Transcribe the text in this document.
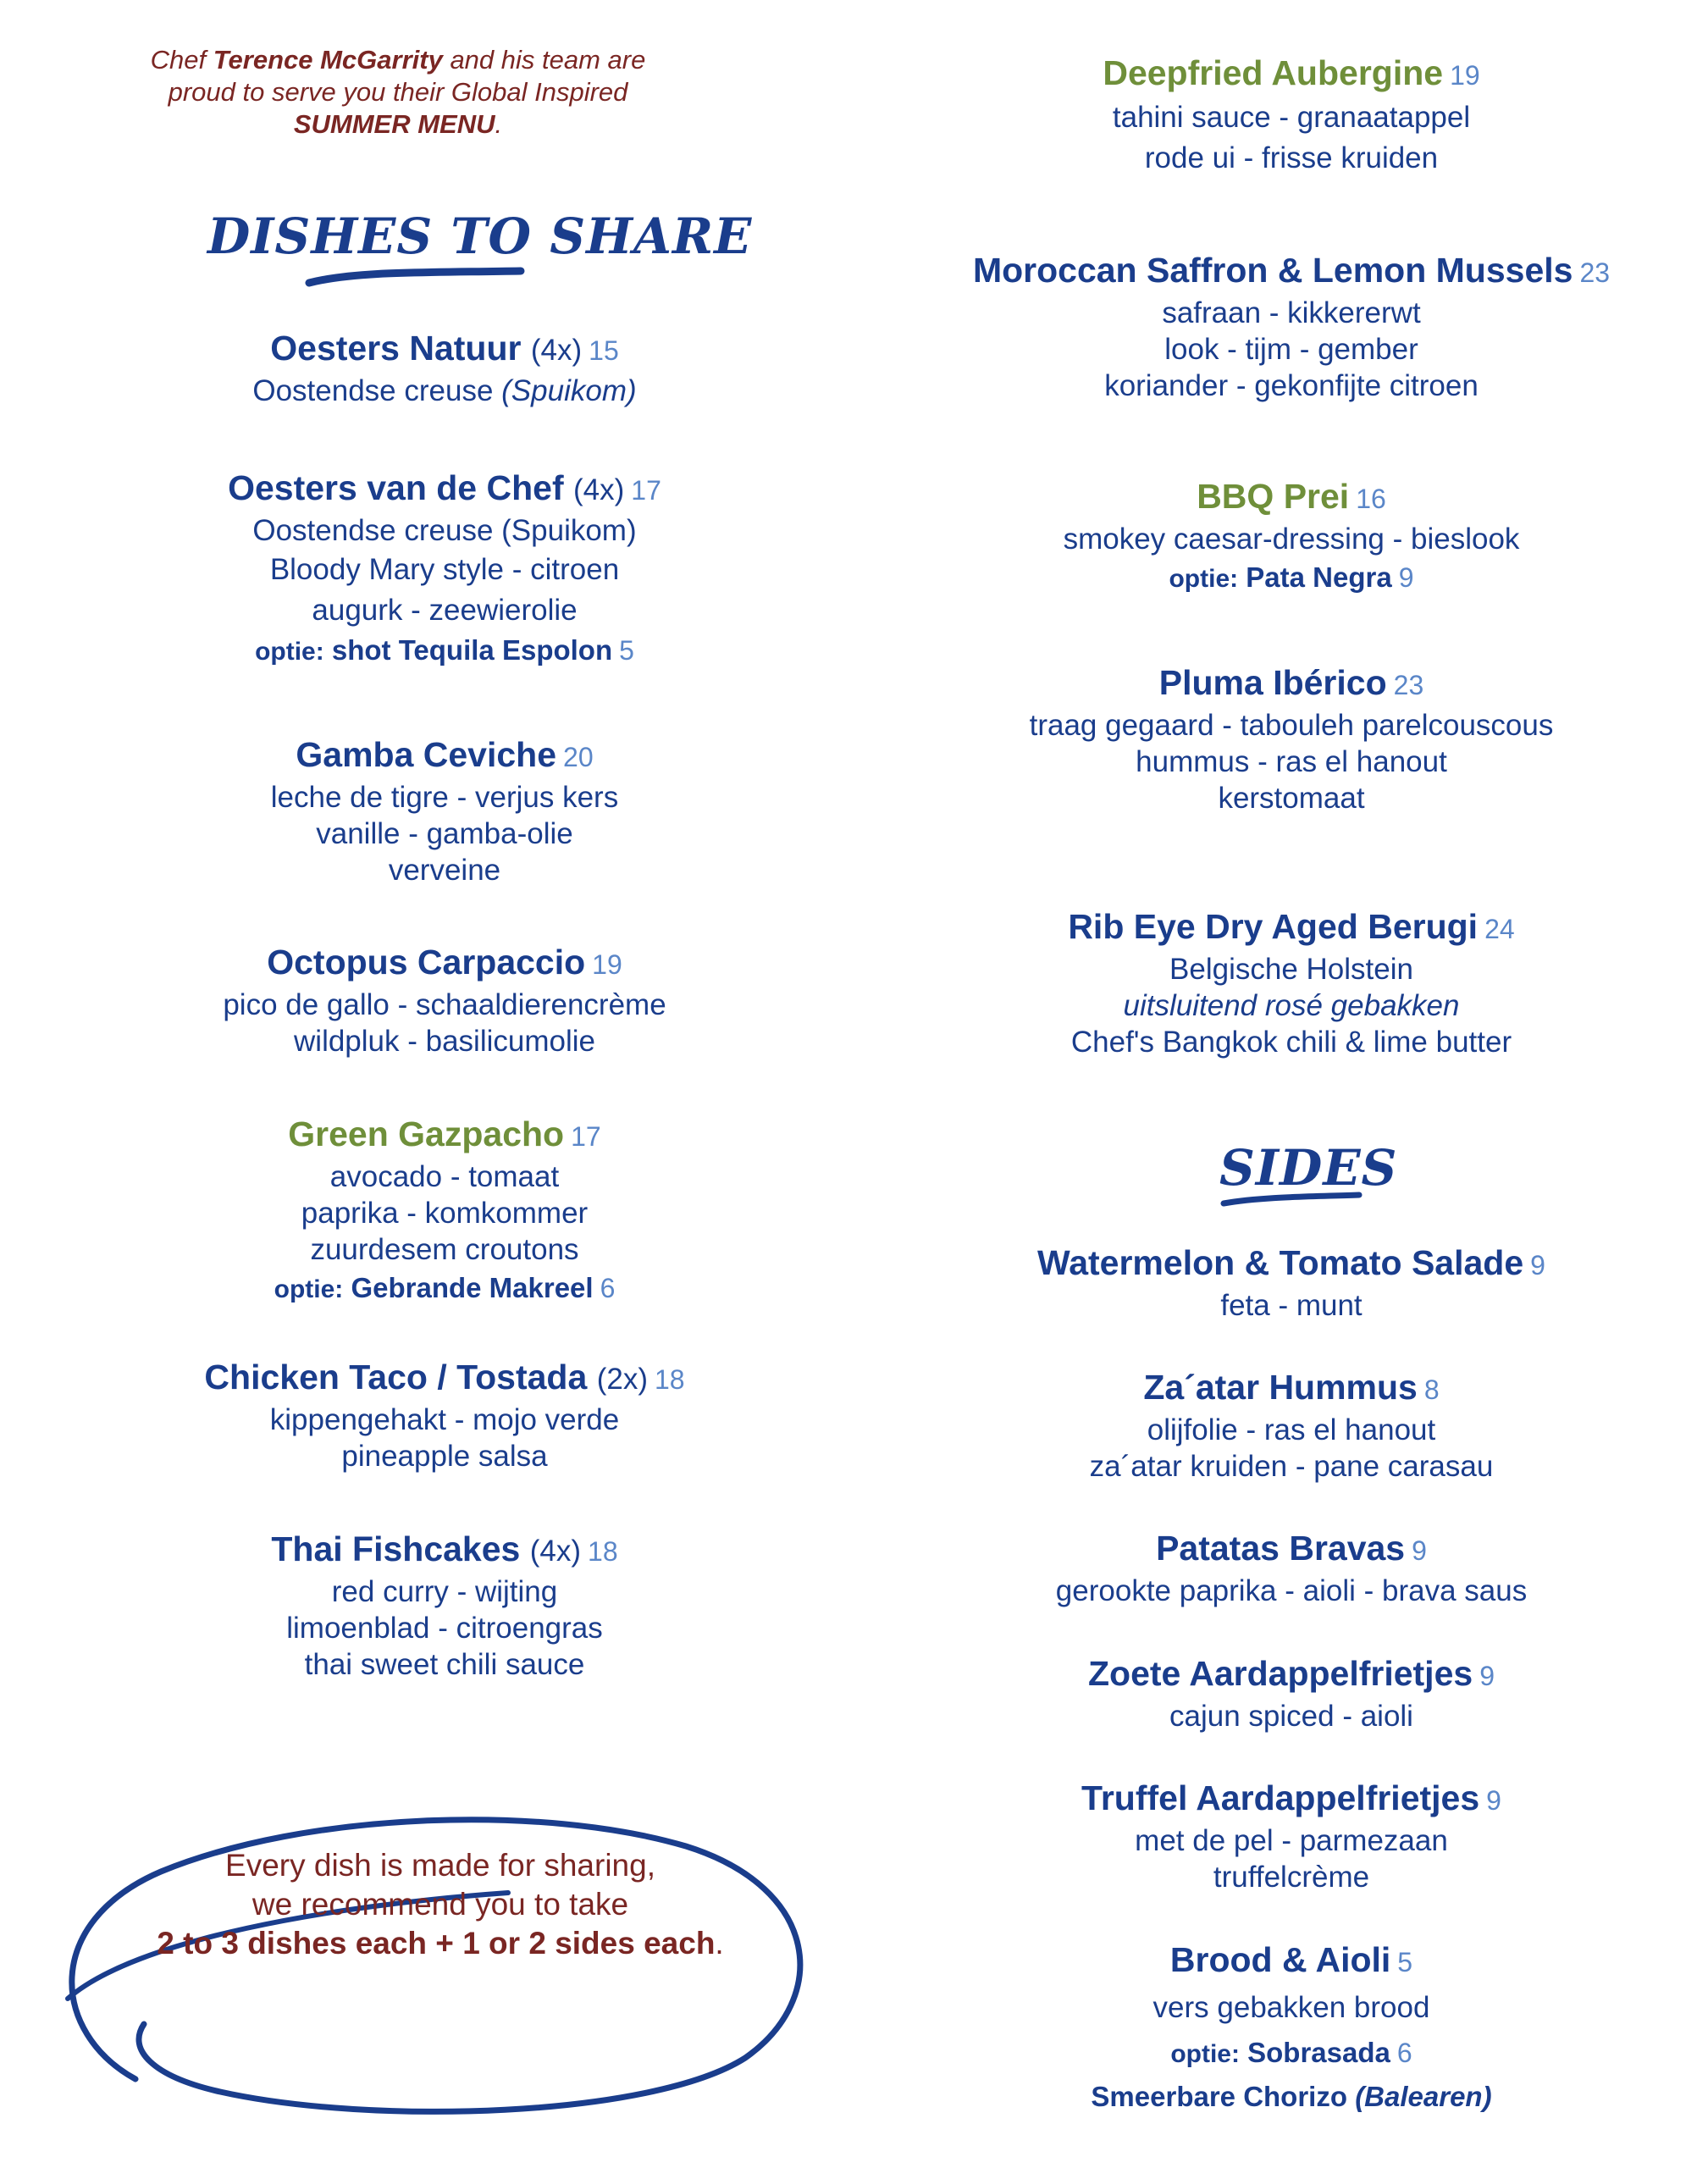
Chef Terence McGarrity and his team are
proud to serve you their Global Inspired
SUMMER MENU.
DISHES TO SHARE
Oesters Natuur (4x) 15
Oostendse creuse (Spuikom)
Oesters van de Chef (4x) 17
Oostendse creuse (Spuikom)
Bloody Mary style - citroen
augurk - zeewierolie
optie: shot Tequila Espolon 5
Gamba Ceviche 20
leche de tigre - verjus kers
vanille - gamba-olie
verveine
Octopus Carpaccio 19
pico de gallo - schaaldierencrème
wildpluk - basilicumolie
Green Gazpacho 17
avocado - tomaat
paprika - komkommer
zuurdesem croutons
optie: Gebrande Makreel 6
Chicken Taco / Tostada (2x) 18
kippengehakt - mojo verde
pineapple salsa
Thai Fishcakes (4x) 18
red curry - wijting
limoenblad - citroengras
thai sweet chili sauce
Every dish is made for sharing,
we recommend you to take
2 to 3 dishes each + 1 or 2 sides each.
Deepfried Aubergine 19
tahini sauce - granaatappel
rode ui - frisse kruiden
Moroccan Saffron & Lemon Mussels 23
safraan - kikkererwt
look - tijm - gember
koriander - gekonfijte citroen
BBQ Prei 16
smokey caesar-dressing - bieslook
optie: Pata Negra 9
Pluma Ibérico 23
traag gegaard - tabouleh parelcouscous
hummus - ras el hanout
kerstomaat
Rib Eye Dry Aged Berugi 24
Belgische Holstein
uitsluitend rosé gebakken
Chef's Bangkok chili & lime butter
SIDES
Watermelon & Tomato Salade 9
feta - munt
Za´atar Hummus 8
olijfolie - ras el hanout
za´atar kruiden - pane carasau
Patatas Bravas 9
gerookte paprika - aioli - brava saus
Zoete Aardappelfrietjes 9
cajun spiced - aioli
Truffel Aardappelfrietjes 9
met de pel - parmezaan
truffelcrème
Brood & Aioli 5
vers gebakken brood
optie: Sobrasada 6
Smeerbare Chorizo (Balearen)
